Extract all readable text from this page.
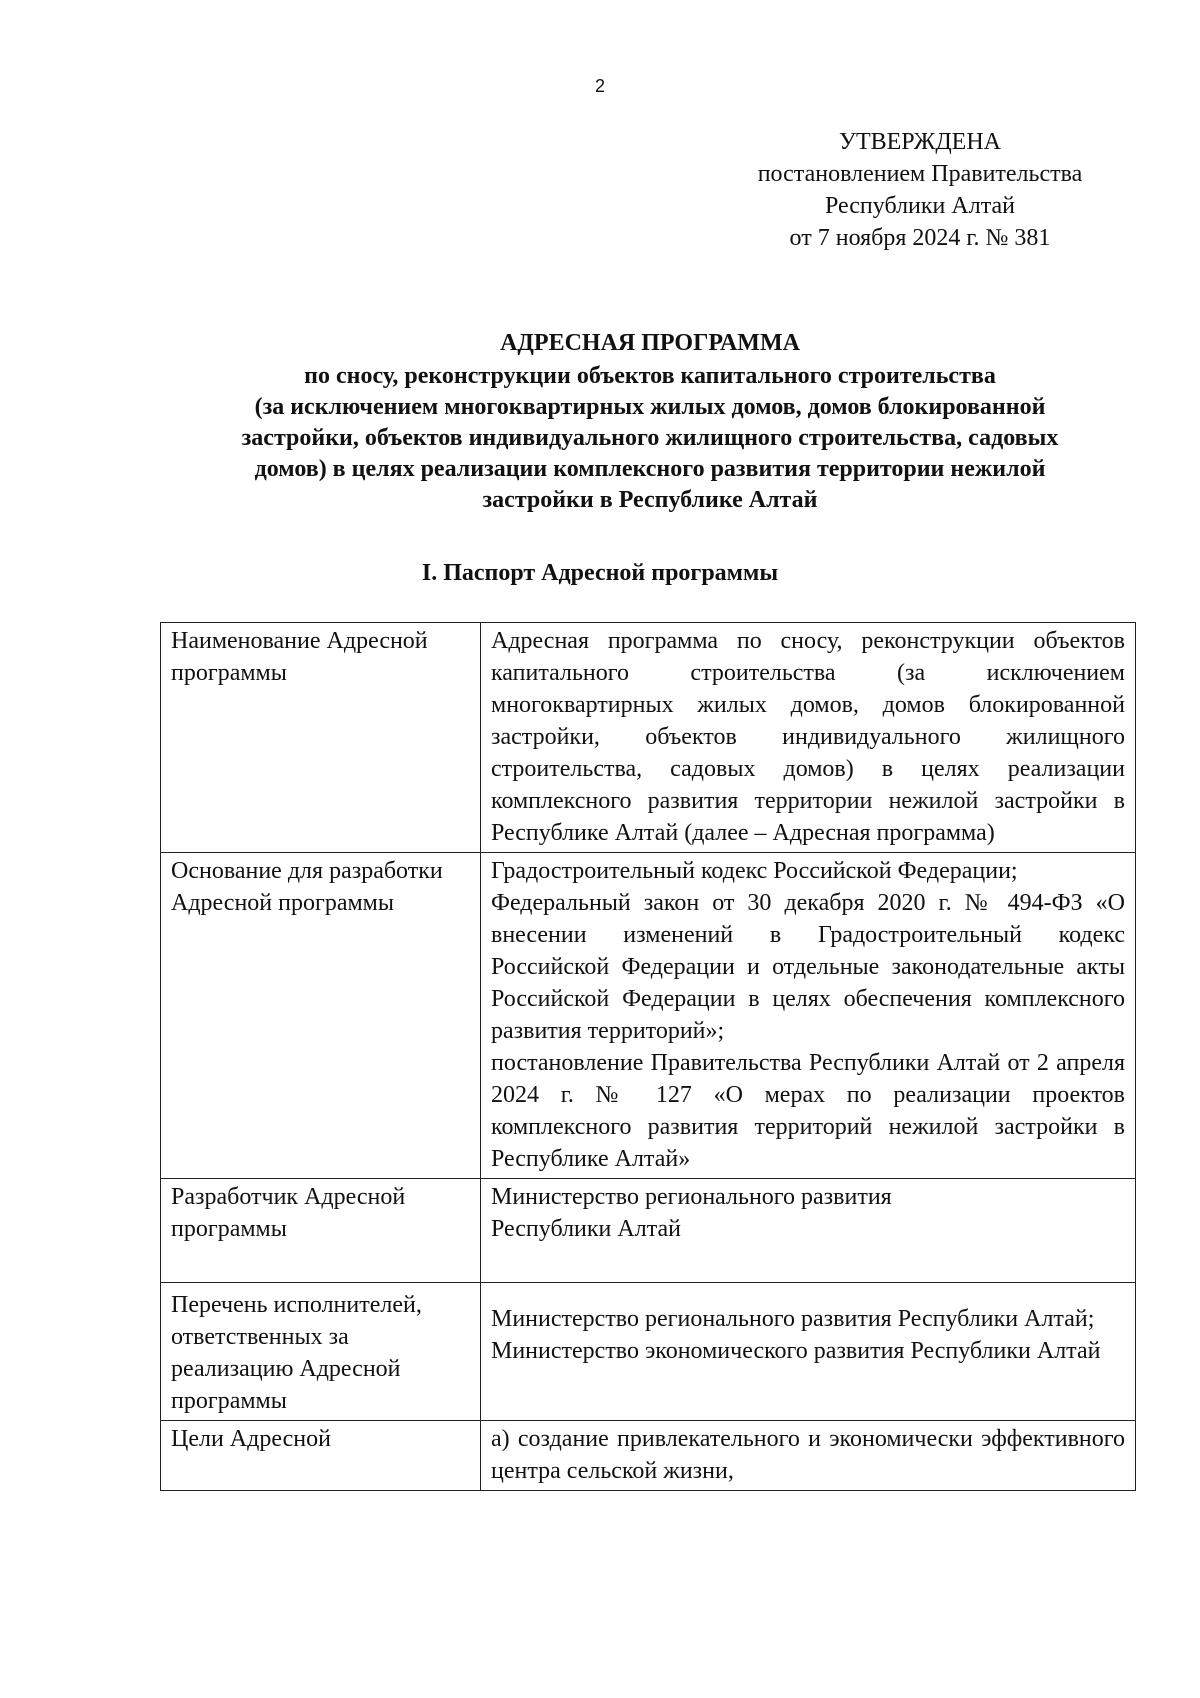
2
УТВЕРЖДЕНА
постановлением Правительства
Республики Алтай
от 7 ноября 2024 г. № 381
АДРЕСНАЯ ПРОГРАММА
по сносу, реконструкции объектов капитального строительства
(за исключением многоквартирных жилых домов, домов блокированной
застройки, объектов индивидуального жилищного строительства, садовых
домов) в целях реализации комплексного развития территории нежилой
застройки в Республике Алтай
I. Паспорт Адресной программы
Наименование Адресной программы	Адресная программа по сносу, реконструкции объектов капитального строительства (за исключением многоквартирных жилых домов, домов блокированной застройки, объектов индивидуального жилищного строительства, садовых домов) в целях реализации комплексного развития территории нежилой застройки в Республике Алтай (далее – Адресная программа)
Основание для разработки Адресной программы	Градостроительный кодекс Российской Федерации;
Федеральный закон от 30 декабря 2020 г. № 494-ФЗ «О внесении изменений в Градостроительный кодекс Российской Федерации и отдельные законодательные акты Российской Федерации в целях обеспечения комплексного развития территорий»;
постановление Правительства Республики Алтай от 2 апреля 2024 г. № 127 «О мерах по реализации проектов комплексного развития территорий нежилой застройки в Республике Алтай»

Разработчик Адресной программы	Министерство регионального развития
Республики Алтай

Перечень исполнителей, ответственных за реализацию Адресной программы	Министерство регионального развития Республики Алтай;
Министерство экономического развития Республики Алтай

Цели Адресной	а) создание привлекательного и экономически эффективного центра сельской жизни,
